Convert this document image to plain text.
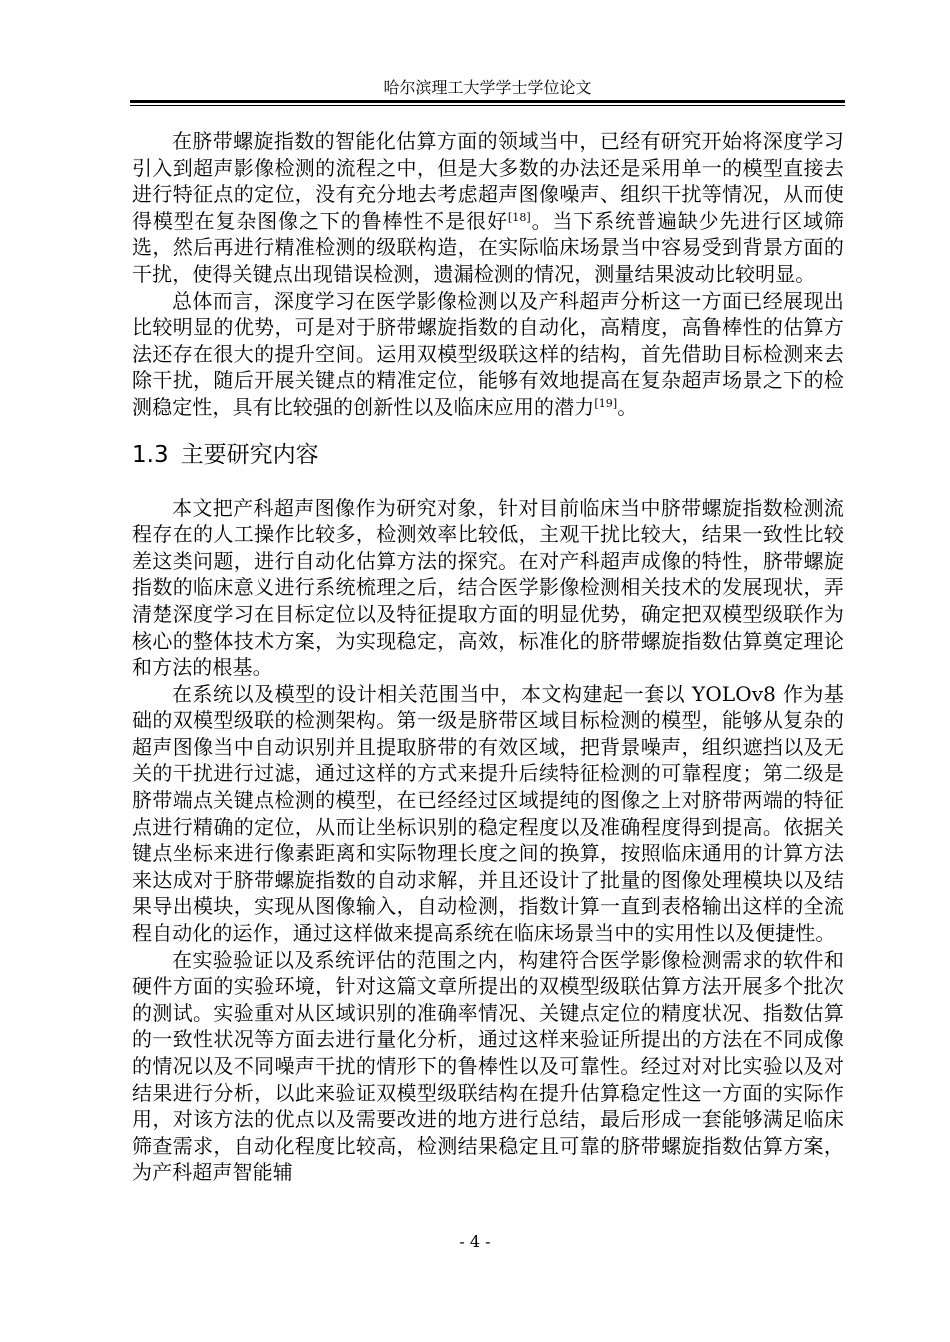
哈尔滨理工大学学士学位论文

在脐带螺旋指数的智能化估算方面的领域当中，已经有研究开始将深度学习引入到超声影像检测的流程之中，但是大多数的办法还是采用单一的模型直接去进行特征点的定位，没有充分地去考虑超声图像噪声、组织干扰等情况，从而使得模型在复杂图像之下的鲁棒性不是很好[18]。当下系统普遍缺少先进行区域筛选，然后再进行精准检测的级联构造，在实际临床场景当中容易受到背景方面的干扰，使得关键点出现错误检测，遗漏检测的情况，测量结果波动比较明显。

总体而言，深度学习在医学影像检测以及产科超声分析这一方面已经展现出比较明显的优势，可是对于脐带螺旋指数的自动化，高精度，高鲁棒性的估算方法还存在很大的提升空间。运用双模型级联这样的结构，首先借助目标检测来去除干扰，随后开展关键点的精准定位，能够有效地提高在复杂超声场景之下的检测稳定性，具有比较强的创新性以及临床应用的潜力[19]。

1.3 主要研究内容

本文把产科超声图像作为研究对象，针对目前临床当中脐带螺旋指数检测流程存在的人工操作比较多，检测效率比较低，主观干扰比较大，结果一致性比较差这类问题，进行自动化估算方法的探究。在对产科超声成像的特性，脐带螺旋指数的临床意义进行系统梳理之后，结合医学影像检测相关技术的发展现状，弄清楚深度学习在目标定位以及特征提取方面的明显优势，确定把双模型级联作为核心的整体技术方案，为实现稳定，高效，标准化的脐带螺旋指数估算奠定理论和方法的根基。

在系统以及模型的设计相关范围当中，本文构建起一套以 YOLOv8 作为基础的双模型级联的检测架构。第一级是脐带区域目标检测的模型，能够从复杂的超声图像当中自动识别并且提取脐带的有效区域，把背景噪声，组织遮挡以及无关的干扰进行过滤，通过这样的方式来提升后续特征检测的可靠程度；第二级是脐带端点关键点检测的模型，在已经经过区域提纯的图像之上对脐带两端的特征点进行精确的定位，从而让坐标识别的稳定程度以及准确程度得到提高。依据关键点坐标来进行像素距离和实际物理长度之间的换算，按照临床通用的计算方法来达成对于脐带螺旋指数的自动求解，并且还设计了批量的图像处理模块以及结果导出模块，实现从图像输入，自动检测，指数计算一直到表格输出这样的全流程自动化的运作，通过这样做来提高系统在临床场景当中的实用性以及便捷性。

在实验验证以及系统评估的范围之内，构建符合医学影像检测需求的软件和硬件方面的实验环境，针对这篇文章所提出的双模型级联估算方法开展多个批次的测试。实验重对从区域识别的准确率情况、关键点定位的精度状况、指数估算的一致性状况等方面去进行量化分析，通过这样来验证所提出的方法在不同成像的情况以及不同噪声干扰的情形下的鲁棒性以及可靠性。经过对对比实验以及对结果进行分析，以此来验证双模型级联结构在提升估算稳定性这一方面的实际作用，对该方法的优点以及需要改进的地方进行总结，最后形成一套能够满足临床筛查需求，自动化程度比较高，检测结果稳定且可靠的脐带螺旋指数估算方案，为产科超声智能辅

- 4 -
